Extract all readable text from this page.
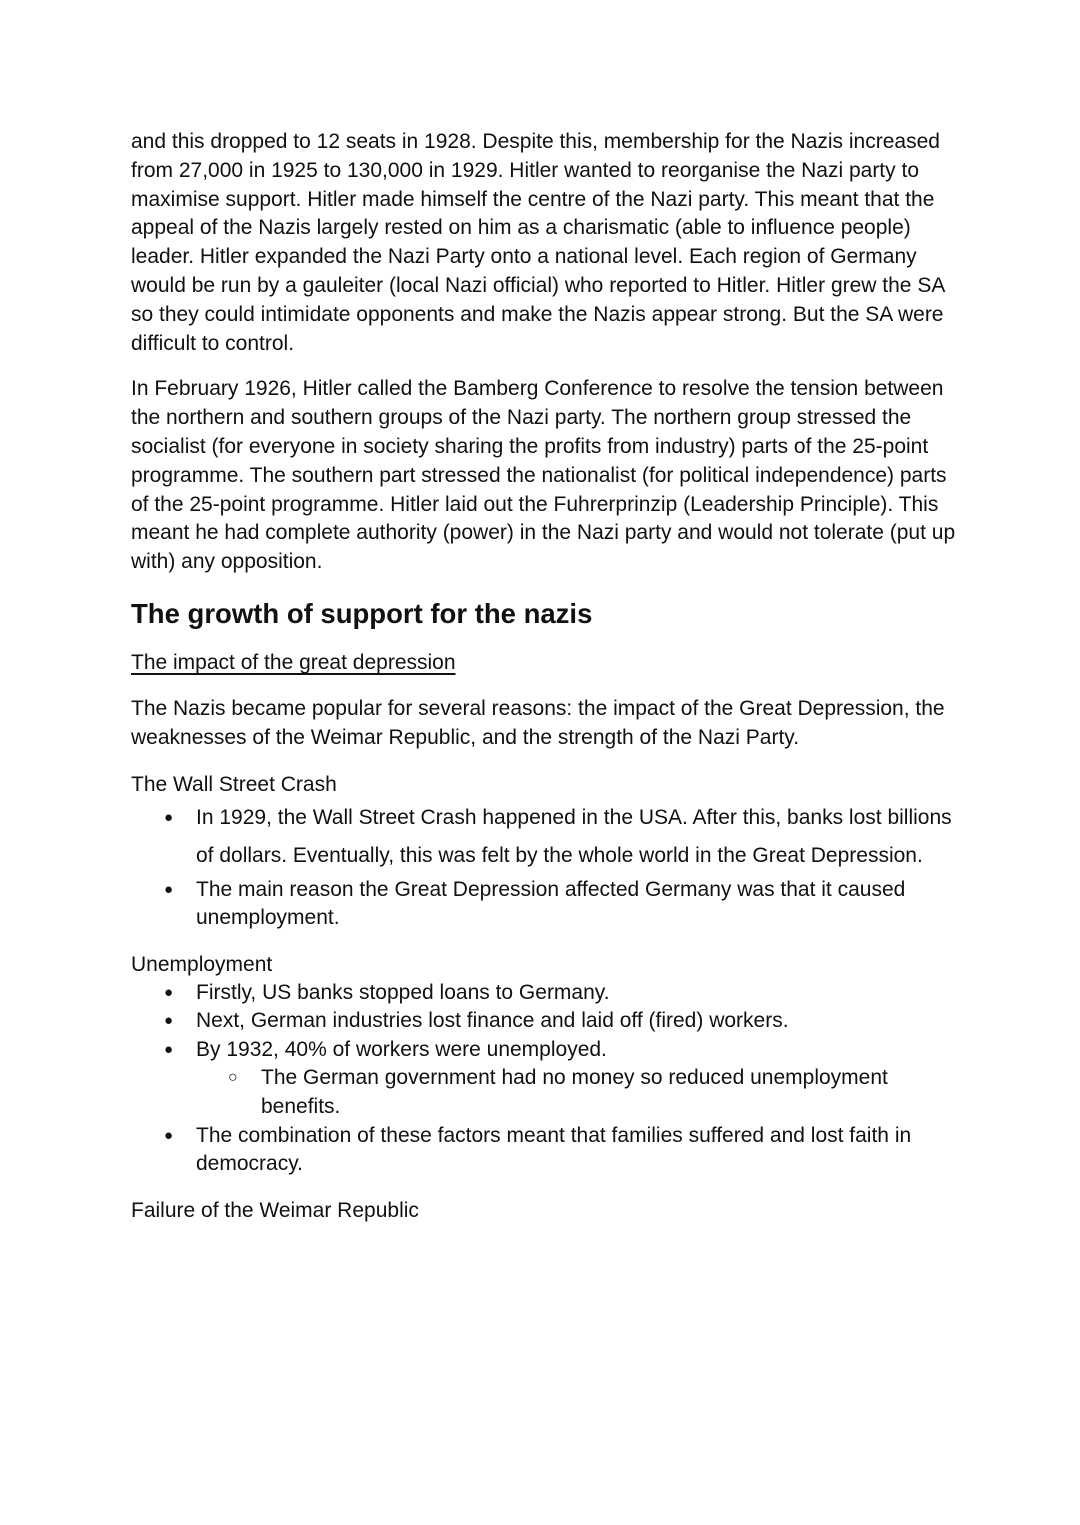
and this dropped to 12 seats in 1928. Despite this, membership for the Nazis increased from 27,000 in 1925 to 130,000 in 1929. Hitler wanted to reorganise the Nazi party to maximise support. Hitler made himself the centre of the Nazi party. This meant that the appeal of the Nazis largely rested on him as a charismatic (able to influence people) leader. Hitler expanded the Nazi Party onto a national level. Each region of Germany would be run by a gauleiter (local Nazi official) who reported to Hitler. Hitler grew the SA so they could intimidate opponents and make the Nazis appear strong. But the SA were difficult to control.

In February 1926, Hitler called the Bamberg Conference to resolve the tension between the northern and southern groups of the Nazi party. The northern group stressed the socialist (for everyone in society sharing the profits from industry) parts of the 25-point programme. The southern part stressed the nationalist (for political independence) parts of the 25-point programme. Hitler laid out the Fuhrerprinzip (Leadership Principle). This meant he had complete authority (power) in the Nazi party and would not tolerate (put up with) any opposition.

The growth of support for the nazis
The impact of the great depression

The Nazis became popular for several reasons: the impact of the Great Depression, the weaknesses of the Weimar Republic, and the strength of the Nazi Party.

The Wall Street Crash
● In 1929, the Wall Street Crash happened in the USA. After this, banks lost billions of dollars. Eventually, this was felt by the whole world in the Great Depression.
● The main reason the Great Depression affected Germany was that it caused unemployment.
Unemployment
● Firstly, US banks stopped loans to Germany.
● Next, German industries lost finance and laid off (fired) workers.
● By 1932, 40% of workers were unemployed.
○ The German government had no money so reduced unemployment benefits.
● The combination of these factors meant that families suffered and lost faith in democracy.
Failure of the Weimar Republic
